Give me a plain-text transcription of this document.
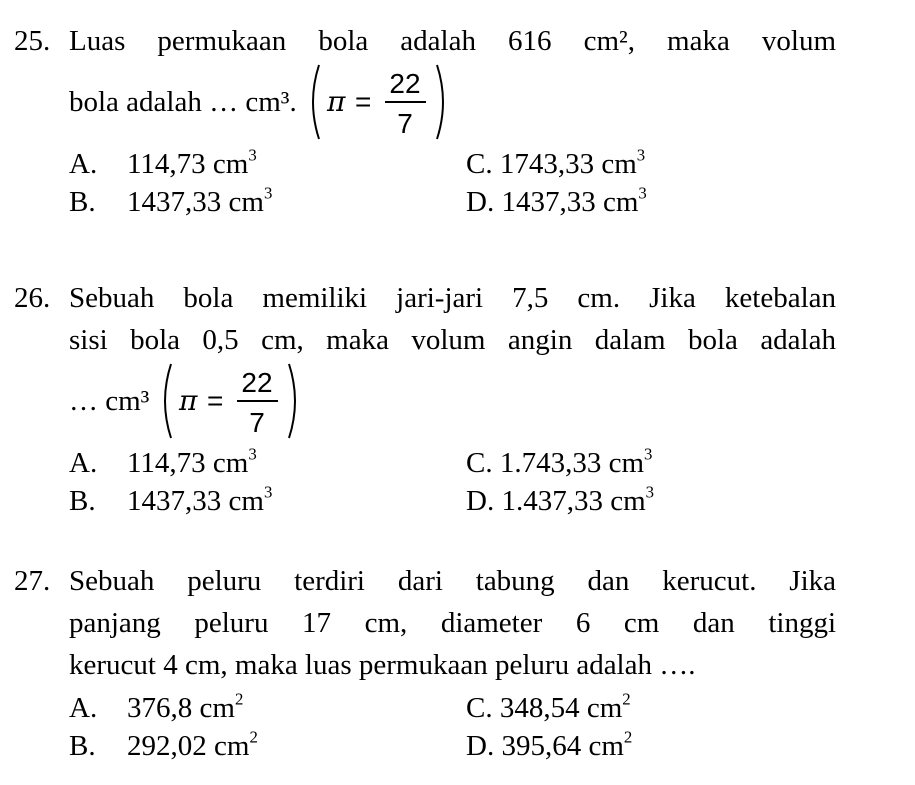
25. Luas permukaan bola adalah 616 cm², maka volum
bola adalah … cm³. π =
22
7
A. 114,73 $cm^3$	C. 1743,33 $cm^3$
B. 1437,33 $cm^3$	D. 1437,33 $cm^3$
26. Sebuah bola memiliki jari-jari 7,5 cm. Jika ketebalan
sisi bola 0,5 cm, maka volum angin dalam bola adalah
… cm³ π =
22
7
A. 114,73 $cm^3$	C. 1.743,33 $cm^3$
B. 1437,33 $cm^3$	D. 1.437,33 $cm^3$
27. Sebuah peluru terdiri dari tabung dan kerucut. Jika
panjang peluru 17 cm, diameter 6 cm dan tinggi
kerucut 4 cm, maka luas permukaan peluru adalah ….
A. 376,8 $cm^2$	C. 348,54 $cm^2$
B. 292,02 $cm^2$	D. 395,64 $cm^2$
